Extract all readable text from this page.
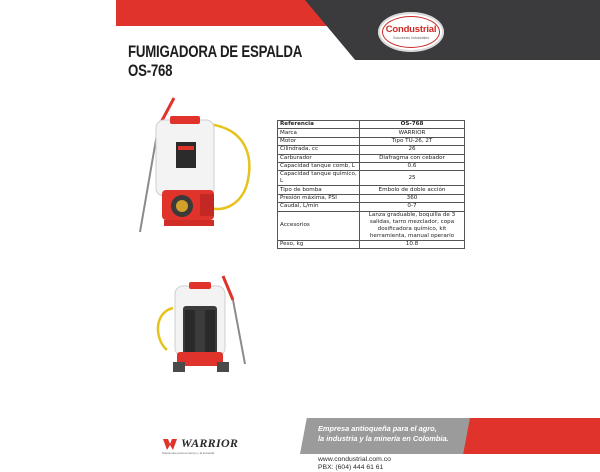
Condustrial
Soluciones Industriales
FUMIGADORA DE ESPALDA
OS-768
Referencia	OS-768
Marca	WARRIOR
Motor	Tipo TU-26, 2T
Cilindrada, cc	26
Carburador	Diafragma con cebador
Capacidad tanque comb, L	0.6
Capacidad tanque químico, L	25
Tipo de bomba	Embolo de doble acción
Presión máxima, PSI	360
Caudal, L/min	0-7
Accesorios	Lanza graduable, boquilla de 3 salidas, tarro mezclador, copa dosificadora químico, kit herramienta, manual operario
Peso, kg	10.8
Empresa antioqueña para el agro,
la industria y la minería en Colombia.
www.condustrial.com.co
PBX: (604) 444 61 61
WARRIOR
Soluciones para el campo y la industria
